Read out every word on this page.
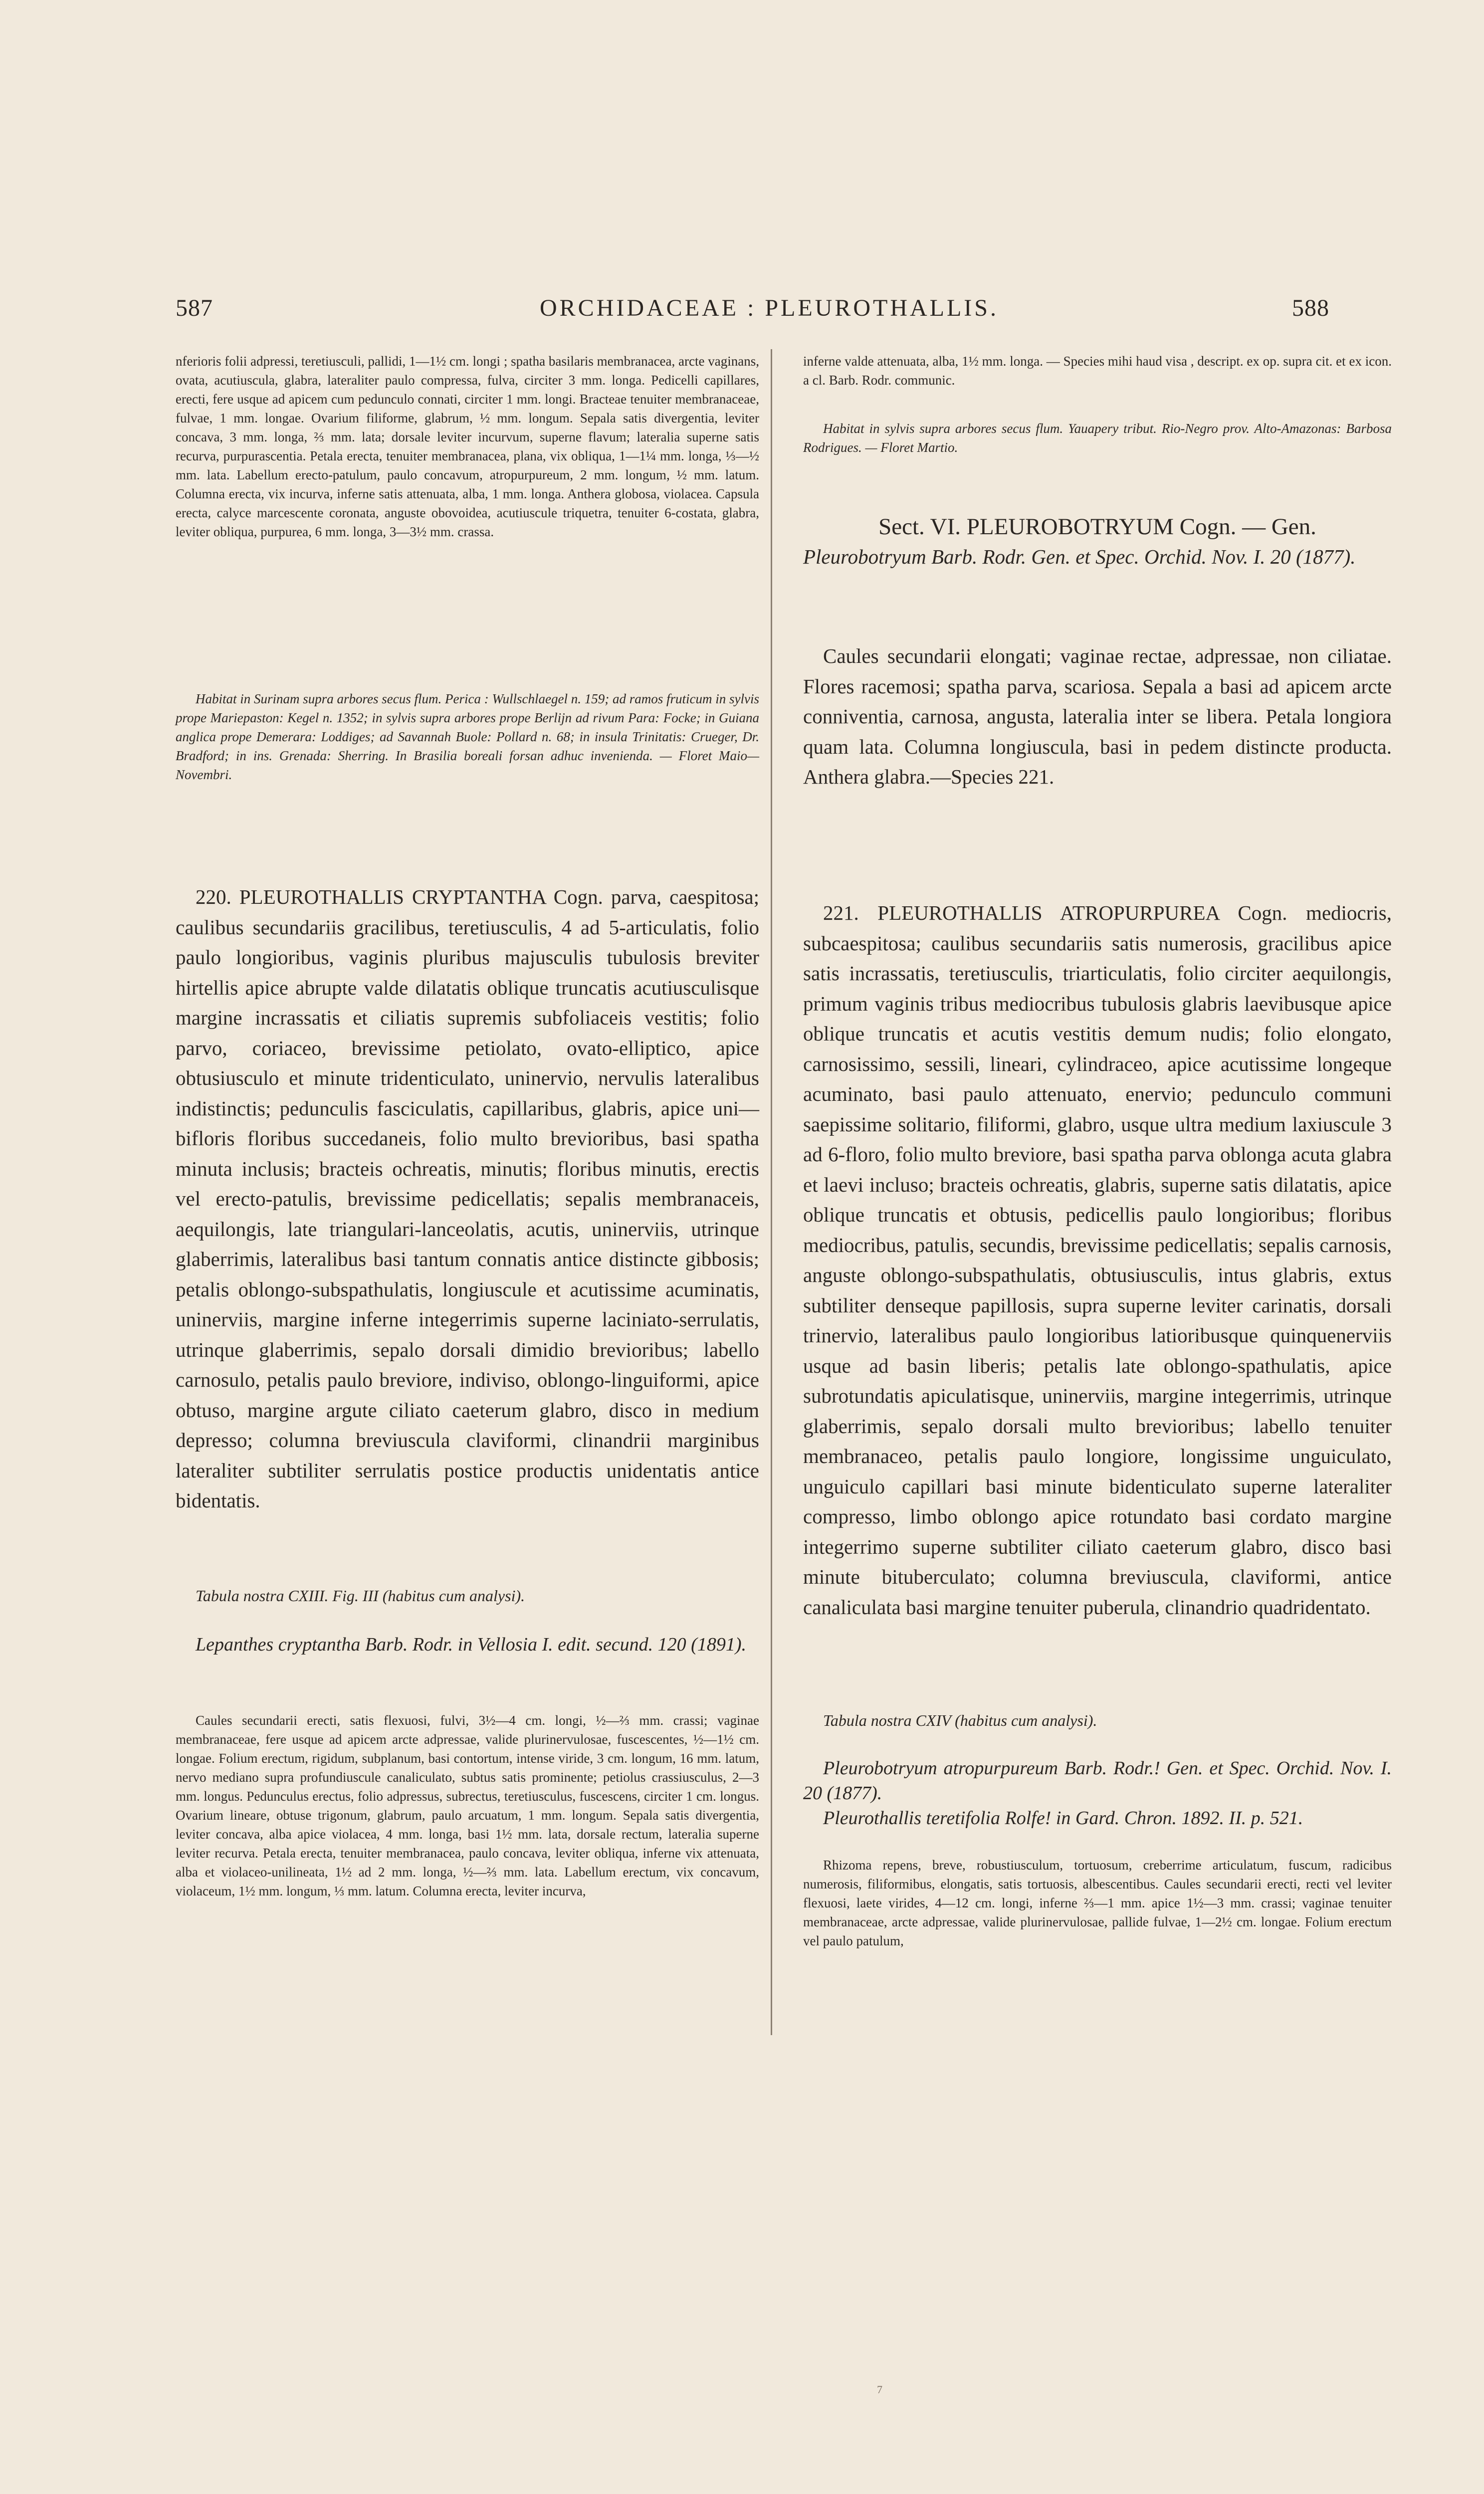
587	ORCHIDACEAE : PLEUROTHALLIS.	588

nferioris folii adpressi, teretiusculi, pallidi, 1—1½ cm. longi ; spatha basilaris membranacea, arcte vaginans, ovata, acutiuscula, glabra, lateraliter paulo compressa, fulva, circiter 3 mm. longa. Pedicelli capillares, erecti, fere usque ad apicem cum pedunculo connati, circiter 1 mm. longi. Bracteae tenuiter membranaceae, fulvae, 1 mm. longae. Ovarium filiforme, glabrum, ½ mm. longum. Sepala satis divergentia, leviter concava, 3 mm. longa, ⅔ mm. lata; dorsale leviter incurvum, superne flavum; lateralia superne satis recurva, purpurascentia. Petala erecta, tenuiter membranacea, plana, vix obliqua, 1—1¼ mm. longa, ⅓—½ mm. lata. Labellum erecto-patulum, paulo concavum, atropurpureum, 2 mm. longum, ½ mm. latum. Columna erecta, vix incurva, inferne satis attenuata, alba, 1 mm. longa. Anthera globosa, violacea. Capsula erecta, calyce marcescente coronata, anguste obovoidea, acutiuscule triquetra, tenuiter 6-costata, glabra, leviter obliqua, purpurea, 6 mm. longa, 3—3½ mm. crassa.

Habitat in Surinam supra arbores secus flum. Perica : Wullschlaegel n. 159; ad ramos fruticum in sylvis prope Mariepaston: Kegel n. 1352; in sylvis supra arbores prope Berlijn ad rivum Para: Focke; in Guiana anglica prope Demerara: Loddiges; ad Savannah Buole: Pollard n. 68; in insula Trinitatis: Crueger, Dr. Bradford; in ins. Grenada: Sherring. In Brasilia boreali forsan adhuc invenienda. — Floret Maio—Novembri.

220. PLEUROTHALLIS CRYPTANTHA Cogn. parva, caespitosa; caulibus secundariis gracilibus, teretiusculis, 4 ad 5-articulatis, folio paulo longioribus, vaginis pluribus majusculis tubulosis breviter hirtellis apice abrupte valde dilatatis oblique truncatis acutiusculisque margine incrassatis et ciliatis supremis subfoliaceis vestitis; folio parvo, coriaceo, brevissime petiolato, ovato-elliptico, apice obtusiusculo et minute tridenticulato, uninervio, nervulis lateralibus indistinctis; pedunculis fasciculatis, capillaribus, glabris, apice uni—bifloris floribus succedaneis, folio multo brevioribus, basi spatha minuta inclusis; bracteis ochreatis, minutis; floribus minutis, erectis vel erecto-patulis, brevissime pedicellatis; sepalis membranaceis, aequilongis, late triangulari-lanceolatis, acutis, uninerviis, utrinque glaberrimis, lateralibus basi tantum connatis antice distincte gibbosis; petalis oblongo-subspathulatis, longiuscule et acutissime acuminatis, uninerviis, margine inferne integerrimis superne laciniato-serrulatis, utrinque glaberrimis, sepalo dorsali dimidio brevioribus; labello carnosulo, petalis paulo breviore, indiviso, oblongo-linguiformi, apice obtuso, margine argute ciliato caeterum glabro, disco in medium depresso; columna breviuscula claviformi, clinandrii marginibus lateraliter subtiliter serrulatis postice productis unidentatis antice bidentatis.

Tabula nostra CXIII. Fig. III (habitus cum analysi).

Lepanthes cryptantha Barb. Rodr. in Vellosia I. edit. secund. 120 (1891).

Caules secundarii erecti, satis flexuosi, fulvi, 3½—4 cm. longi, ½—⅔ mm. crassi; vaginae membranaceae, fere usque ad apicem arcte adpressae, valide plurinervulosae, fuscescentes, ½—1½ cm. longae. Folium erectum, rigidum, subplanum, basi contortum, intense viride, 3 cm. longum, 16 mm. latum, nervo mediano supra profundiuscule canaliculato, subtus satis prominente; petiolus crassiusculus, 2—3 mm. longus. Pedunculus erectus, folio adpressus, subrectus, teretiusculus, fuscescens, circiter 1 cm. longus. Ovarium lineare, obtuse trigonum, glabrum, paulo arcuatum, 1 mm. longum. Sepala satis divergentia, leviter concava, alba apice violacea, 4 mm. longa, basi 1½ mm. lata, dorsale rectum, lateralia superne leviter recurva. Petala erecta, tenuiter membranacea, paulo concava, leviter obliqua, inferne vix attenuata, alba et violaceo-unilineata, 1½ ad 2 mm. longa, ½—⅔ mm. lata. Labellum erectum, vix concavum, violaceum, 1½ mm. longum, ⅓ mm. latum. Columna erecta, leviter incurva,

inferne valde attenuata, alba, 1½ mm. longa. — Species mihi haud visa , descript. ex op. supra cit. et ex icon. a cl. Barb. Rodr. communic.

Habitat in sylvis supra arbores secus flum. Yauapery tribut. Rio-Negro prov. Alto-Amazonas: Barbosa Rodrigues. — Floret Martio.

Sect. VI. PLEUROBOTRYUM Cogn. — Gen.

Pleurobotryum Barb. Rodr. Gen. et Spec. Orchid. Nov. I. 20 (1877).

Caules secundarii elongati; vaginae rectae, adpressae, non ciliatae. Flores racemosi; spatha parva, scariosa. Sepala a basi ad apicem arcte conniventia, carnosa, angusta, lateralia inter se libera. Petala longiora quam lata. Columna longiuscula, basi in pedem distincte producta. Anthera glabra.—Species 221.

221. PLEUROTHALLIS ATROPURPUREA Cogn. mediocris, subcaespitosa; caulibus secundariis satis numerosis, gracilibus apice satis incrassatis, teretiusculis, triarticulatis, folio circiter aequilongis, primum vaginis tribus mediocribus tubulosis glabris laevibusque apice oblique truncatis et acutis vestitis demum nudis; folio elongato, carnosissimo, sessili, lineari, cylindraceo, apice acutissime longeque acuminato, basi paulo attenuato, enervio; pedunculo communi saepissime solitario, filiformi, glabro, usque ultra medium laxiuscule 3 ad 6-floro, folio multo breviore, basi spatha parva oblonga acuta glabra et laevi incluso; bracteis ochreatis, glabris, superne satis dilatatis, apice oblique truncatis et obtusis, pedicellis paulo longioribus; floribus mediocribus, patulis, secundis, brevissime pedicellatis; sepalis carnosis, anguste oblongo-subspathulatis, obtusiusculis, intus glabris, extus subtiliter denseque papillosis, supra superne leviter carinatis, dorsali trinervio, lateralibus paulo longioribus latioribusque quinquenerviis usque ad basin liberis; petalis late oblongo-spathulatis, apice subrotundatis apiculatisque, uninerviis, margine integerrimis, utrinque glaberrimis, sepalo dorsali multo brevioribus; labello tenuiter membranaceo, petalis paulo longiore, longissime unguiculato, unguiculo capillari basi minute bidenticulato superne lateraliter compresso, limbo oblongo apice rotundato basi cordato margine integerrimo superne subtiliter ciliato caeterum glabro, disco basi minute bituberculato; columna breviuscula, claviformi, antice canaliculata basi margine tenuiter puberula, clinandrio quadridentato.

Tabula nostra CXIV (habitus cum analysi).

Pleurobotryum atropurpureum Barb. Rodr.! Gen. et Spec. Orchid. Nov. I. 20 (1877).

Pleurothallis teretifolia Rolfe! in Gard. Chron. 1892. II. p. 521.

Rhizoma repens, breve, robustiusculum, tortuosum, creberrime articulatum, fuscum, radicibus numerosis, filiformibus, elongatis, satis tortuosis, albescentibus. Caules secundarii erecti, recti vel leviter flexuosi, laete virides, 4—12 cm. longi, inferne ⅔—1 mm. apice 1½—3 mm. crassi; vaginae tenuiter membranaceae, arcte adpressae, valide plurinervulosae, pallide fulvae, 1—2½ cm. longae. Folium erectum vel paulo patulum,

7
